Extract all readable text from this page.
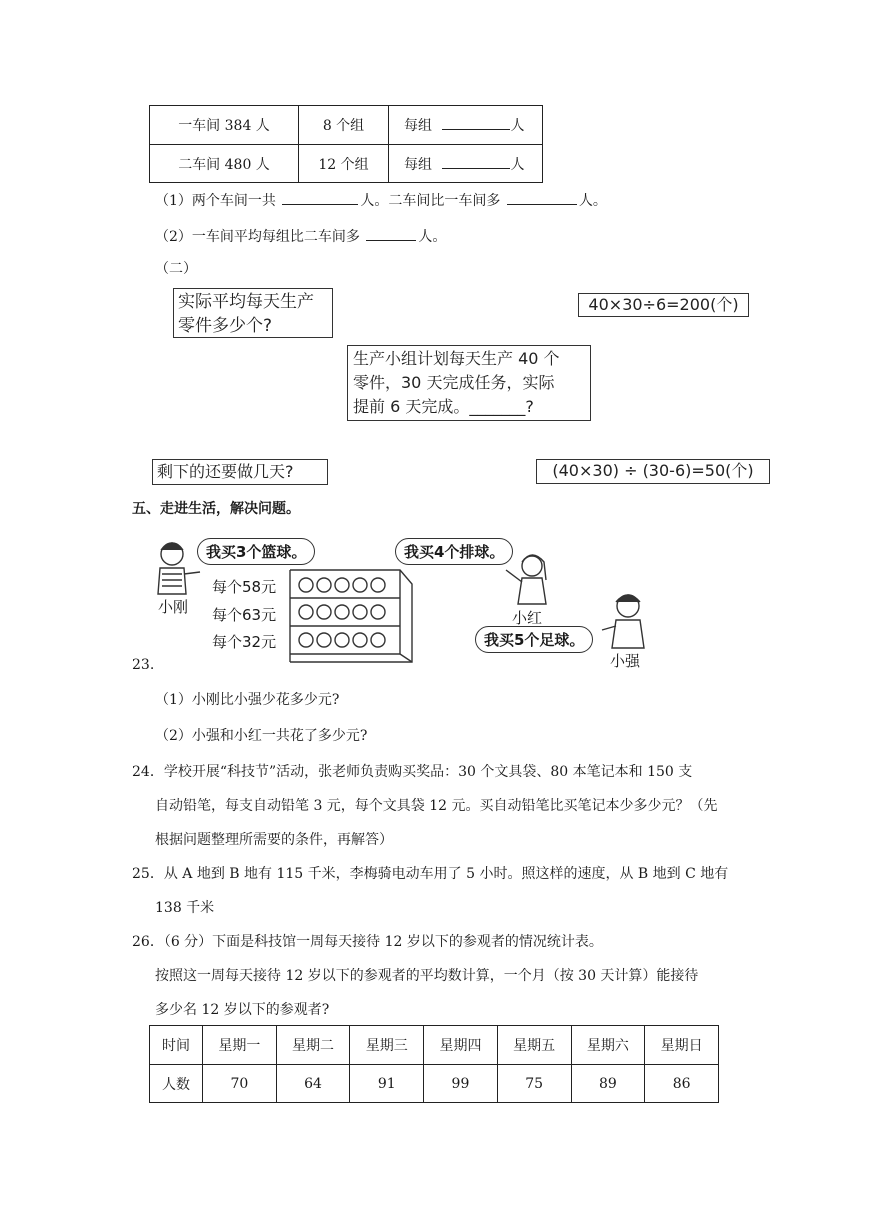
一车间 384 人	8 个组	每组 人
二车间 480 人	12 个组	每组 人
（1）两个车间一共	人。二车间比一车间多	人。
（2）一车间平均每组比二车间多	人。
（二）
实际平均每天生产零件多少个?
40×30÷6=200(个)
生产小组计划每天生产 40 个
零件，30 天完成任务，实际
提前 6 天完成。_______?
剩下的还要做几天?	(40×30) ÷ (30-6)=50(个)
五、走进生活，解决问题。
我买3个篮球。	我买4个排球。
我买5个足球。
每个58元
每个63元
每个32元
小刚
小红
小强
23.
（1）小刚比小强少花多少元?
（2）小强和小红一共花了多少元?
24．学校开展“科技节”活动，张老师负责购买奖品：30 个文具袋、80 本笔记本和 150 支
自动铅笔，每支自动铅笔 3 元，每个文具袋 12 元。买自动铅笔比买笔记本少多少元？（先
根据问题整理所需要的条件，再解答）
25．从 A 地到 B 地有 115 千米，李梅骑电动车用了 5 小时。照这样的速度，从 B 地到 C 地有
138 千米
26．（6 分）下面是科技馆一周每天接待 12 岁以下的参观者的情况统计表。
按照这一周每天接待 12 岁以下的参观者的平均数计算，一个月（按 30 天计算）能接待
多少名 12 岁以下的参观者?
时间	星期一	星期二	星期三	星期四	星期五	星期六	星期日
人数	70	64	91	99	75	89	86
